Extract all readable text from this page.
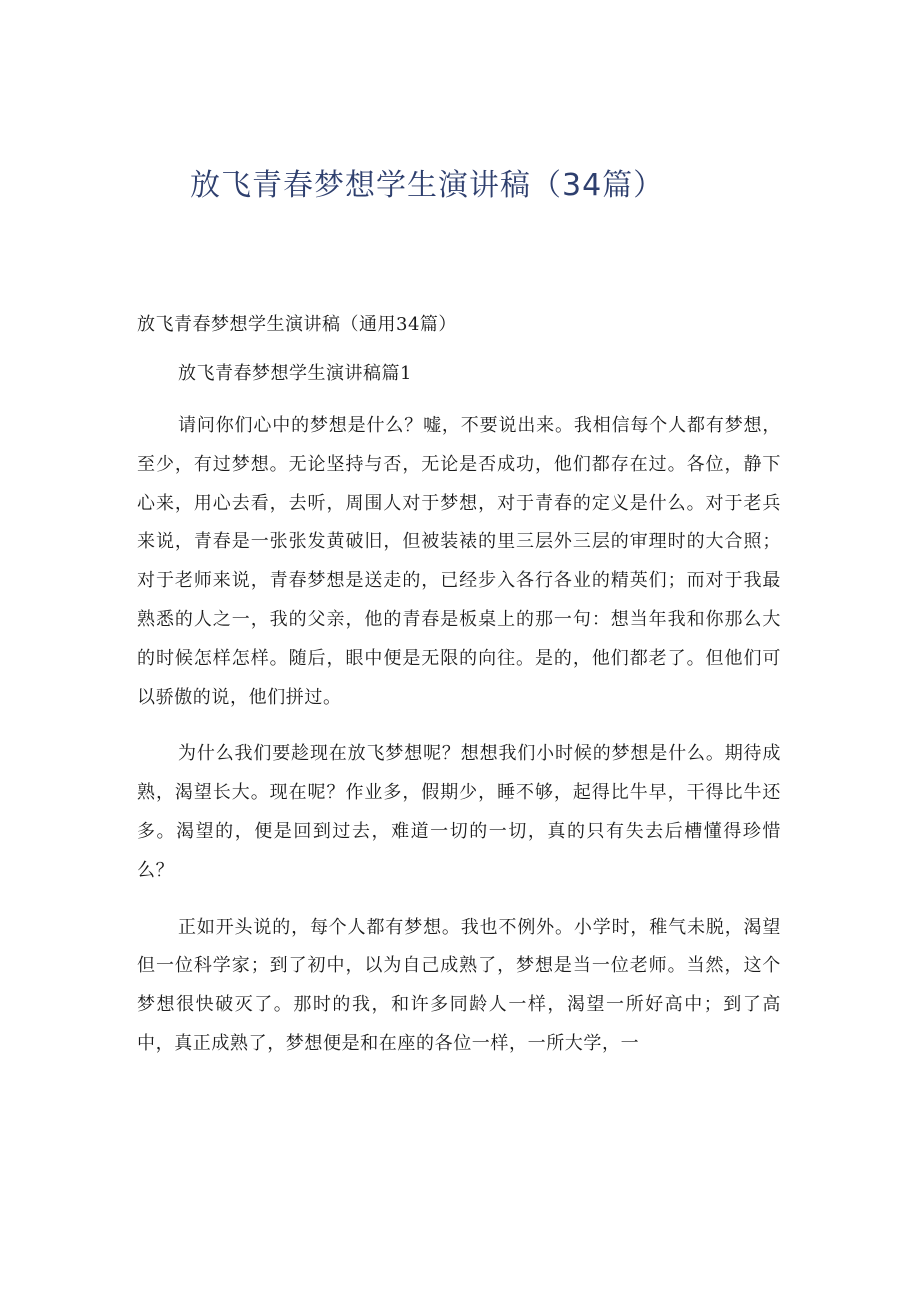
放飞青春梦想学生演讲稿（34篇）

放飞青春梦想学生演讲稿（通用34篇）

放飞青春梦想学生演讲稿篇1

请问你们心中的梦想是什么？嘘，不要说出来。我相信每个人都有梦想，至少，有过梦想。无论坚持与否，无论是否成功，他们都存在过。各位，静下心来，用心去看，去听，周围人对于梦想，对于青春的定义是什么。对于老兵来说，青春是一张张发黄破旧，但被装裱的里三层外三层的审理时的大合照；对于老师来说，青春梦想是送走的，已经步入各行各业的精英们；而对于我最熟悉的人之一，我的父亲，他的青春是板桌上的那一句：想当年我和你那么大的时候怎样怎样。随后，眼中便是无限的向往。是的，他们都老了。但他们可以骄傲的说，他们拼过。

为什么我们要趁现在放飞梦想呢？想想我们小时候的梦想是什么。期待成熟，渴望长大。现在呢？作业多，假期少，睡不够，起得比牛早，干得比牛还多。渴望的，便是回到过去，难道一切的一切，真的只有失去后槽懂得珍惜么？

正如开头说的，每个人都有梦想。我也不例外。小学时，稚气未脱，渴望但一位科学家；到了初中，以为自己成熟了，梦想是当一位老师。当然，这个梦想很快破灭了。那时的我，和许多同龄人一样，渴望一所好高中；到了高中，真正成熟了，梦想便是和在座的各位一样，一所大学，一
